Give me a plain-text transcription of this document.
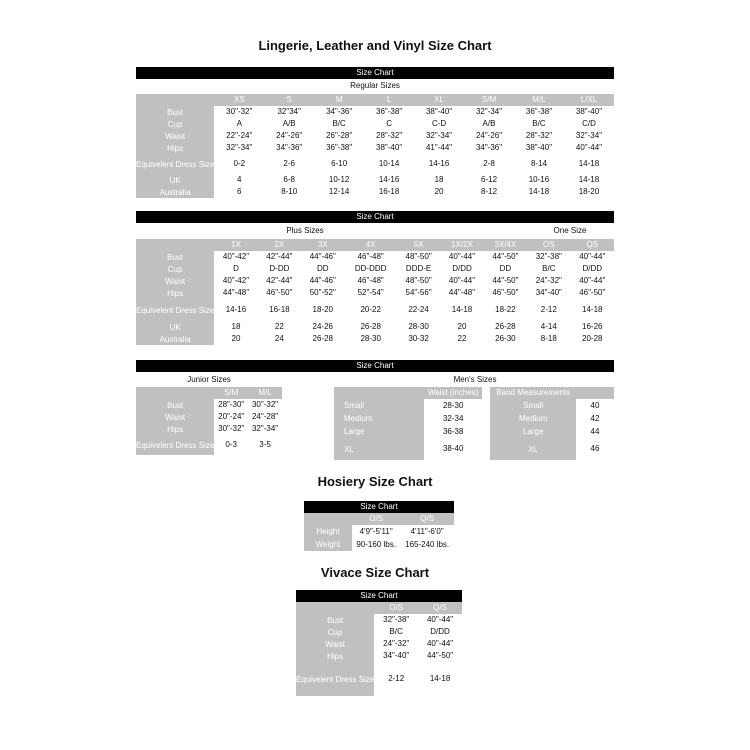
Lingerie, Leather and Vinyl Size Chart
Size Chart
Regular Sizes
	XS	S	M	L	XL		S/M	M/L	L/XL
Bust	30"-32"	32"34"	34"-36"	36"-38"	38"-40"		32"-34"	36"-38"	38"-40"
Cup	A	A/B	B/C	C	C-D		A/B	B/C	C/D
Waist	22"-24"	24"-26"	26"-28"	28"-32"	32"-34"		24"-26"	28"-32"	32"-34"
Hips	32"-34"	34"-36"	36"-38"	38"-40"	41"-44"		34"-36"	38"-40"	40"-44"
Equivelent Dress Size	0-2	2-6	6-10	10-14	14-16		2-8	8-14	14-18
UK	4	6-8	10-12	14-16	18		6-12	10-16	14-18
Australia	6	8-10	12-14	16-18	20		8-12	14-18	18-20
Size Chart
Plus Sizes	One Size
	1X	2X	3X	4X	5X	1X/2X	3X/4X	OS	QS
Bust	40"-42"	42"-44"	44"-46"	46"-48"	48"-50"	40"-44"	44"-50"	32"-38"	40"-44"
Cup	D	D-DD	DD	DD-DDD	DDD-E	D/DD	DD	B/C	D/DD
Waist	40"-42"	42"-44"	44"-46"	46"-48"	48"-50"	40"-44"	44"-50"	24"-32"	40"-44"
Hips	44"-48"	46"-50"	50"-52"	52"-54"	54"-56"	44"-48"	46"-50"	34"-40"	46"-50"
Equivelent Dress Size	14-16	16-18	18-20	20-22	22-24	14-18	18-22	2-12	14-18
UK	18	22	24-26	26-28	28-30	20	26-28	4-14	16-26
Australia	20	24	26-28	28-30	30-32	22	26-30	8-18	20-28
Size Chart
Junior Sizes	Men's Sizes
	S/M	M/L
Bust	28"-30"	30"-32"
Waist	20"-24"	24"-28"
Hips	30"-32"	32"-34"
Equivelent Dress Size	0-3	3-5
	Waist (inches)		Band Measurements	
Small	28-30		Small	40
Medium	32-34		Medium	42
Large	36-38		Large	44
XL	38-40		XL	46
Hosiery Size Chart
Size Chart
	O/S	Q/S
Height	4'9"-5'11"	4'11"-6'0"
Weight	90-160 lbs.	165-240 lbs.
Vivace Size Chart
Size Chart
	O/S	Q/S
Bust	32"-38"	40"-44"
Cup	B/C	D/DD
Waist	24"-32"	40"-44"
Hips	34"-40"	44"-50"
Equivelent Dress Size	2-12	14-18
